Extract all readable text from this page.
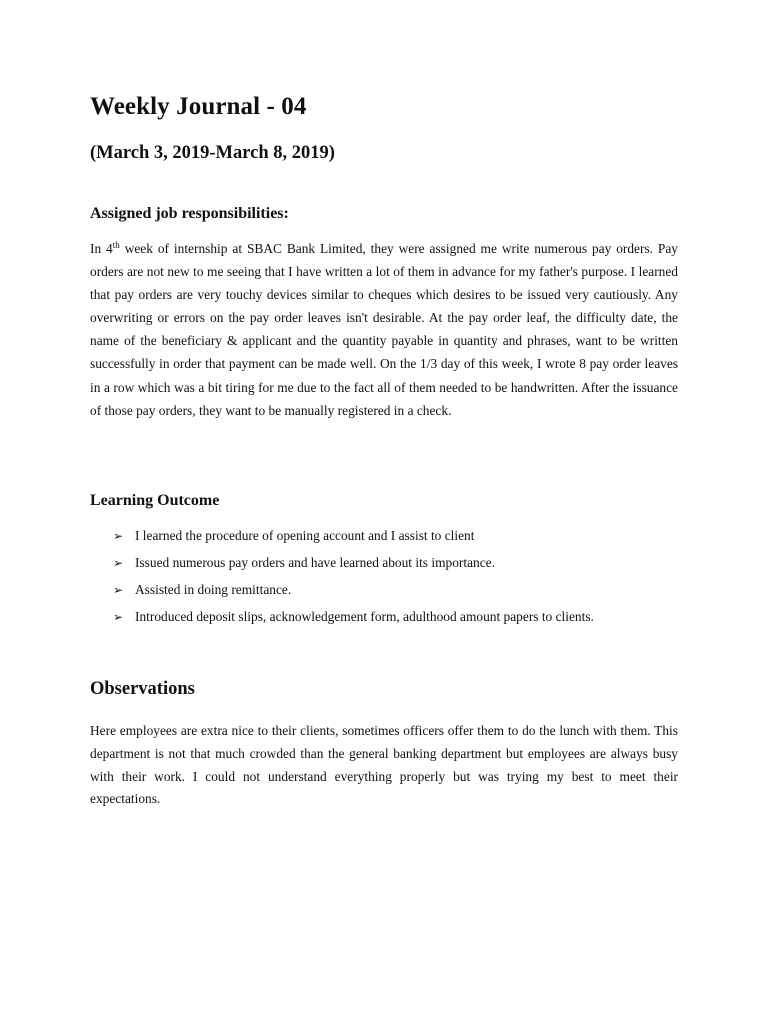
Weekly Journal - 04
(March 3, 2019-March 8, 2019)
Assigned job responsibilities:

In 4th week of internship at SBAC Bank Limited, they were assigned me write numerous pay orders. Pay orders are not new to me seeing that I have written a lot of them in advance for my father's purpose. I learned that pay orders are very touchy devices similar to cheques which desires to be issued very cautiously. Any overwriting or errors on the pay order leaves isn't desirable. At the pay order leaf, the difficulty date, the name of the beneficiary & applicant and the quantity payable in quantity and phrases, want to be written successfully in order that payment can be made well. On the 1/3 day of this week, I wrote 8 pay order leaves in a row which was a bit tiring for me due to the fact all of them needed to be handwritten. After the issuance of those pay orders, they want to be manually registered in a check.

Learning Outcome
➢ I learned the procedure of opening account and I assist to client
➢ Issued numerous pay orders and have learned about its importance.
➢ Assisted in doing remittance.
➢ Introduced deposit slips, acknowledgement form, adulthood amount papers to clients.
Observations

Here employees are extra nice to their clients, sometimes officers offer them to do the lunch with them. This department is not that much crowded than the general banking department but employees are always busy with their work. I could not understand everything properly but was trying my best to meet their expectations.
